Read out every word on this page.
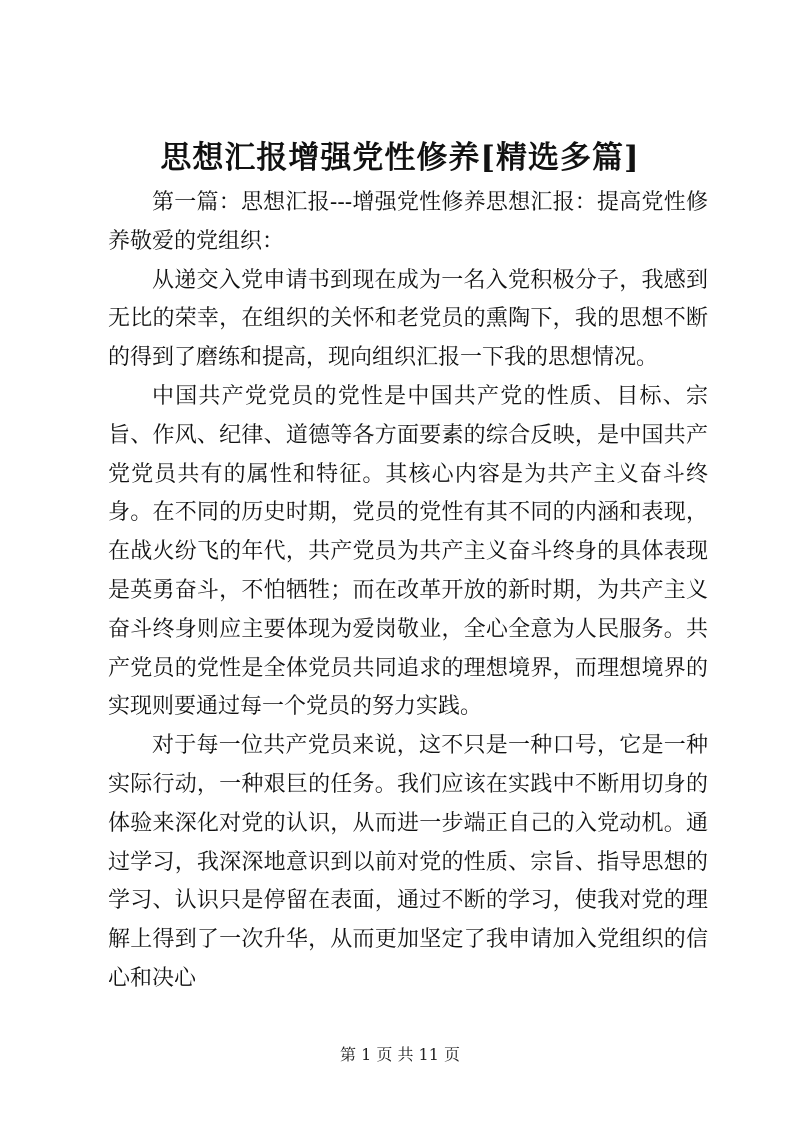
思想汇报增强党性修养[精选多篇]

第一篇：思想汇报---增强党性修养思想汇报：提高党性修养敬爱的党组织：

从递交入党申请书到现在成为一名入党积极分子，我感到无比的荣幸，在组织的关怀和老党员的熏陶下，我的思想不断的得到了磨练和提高，现向组织汇报一下我的思想情况。

中国共产党党员的党性是中国共产党的性质、目标、宗旨、作风、纪律、道德等各方面要素的综合反映，是中国共产党党员共有的属性和特征。其核心内容是为共产主义奋斗终身。在不同的历史时期，党员的党性有其不同的内涵和表现，在战火纷飞的年代，共产党员为共产主义奋斗终身的具体表现是英勇奋斗，不怕牺牲；而在改革开放的新时期，为共产主义奋斗终身则应主要体现为爱岗敬业，全心全意为人民服务。共产党员的党性是全体党员共同追求的理想境界，而理想境界的实现则要通过每一个党员的努力实践。

对于每一位共产党员来说，这不只是一种口号，它是一种实际行动，一种艰巨的任务。我们应该在实践中不断用切身的体验来深化对党的认识，从而进一步端正自己的入党动机。通过学习，我深深地意识到以前对党的性质、宗旨、指导思想的学习、认识只是停留在表面，通过不断的学习，使我对党的理解上得到了一次升华，从而更加坚定了我申请加入党组织的信心和决心

第 1 页 共 11 页
